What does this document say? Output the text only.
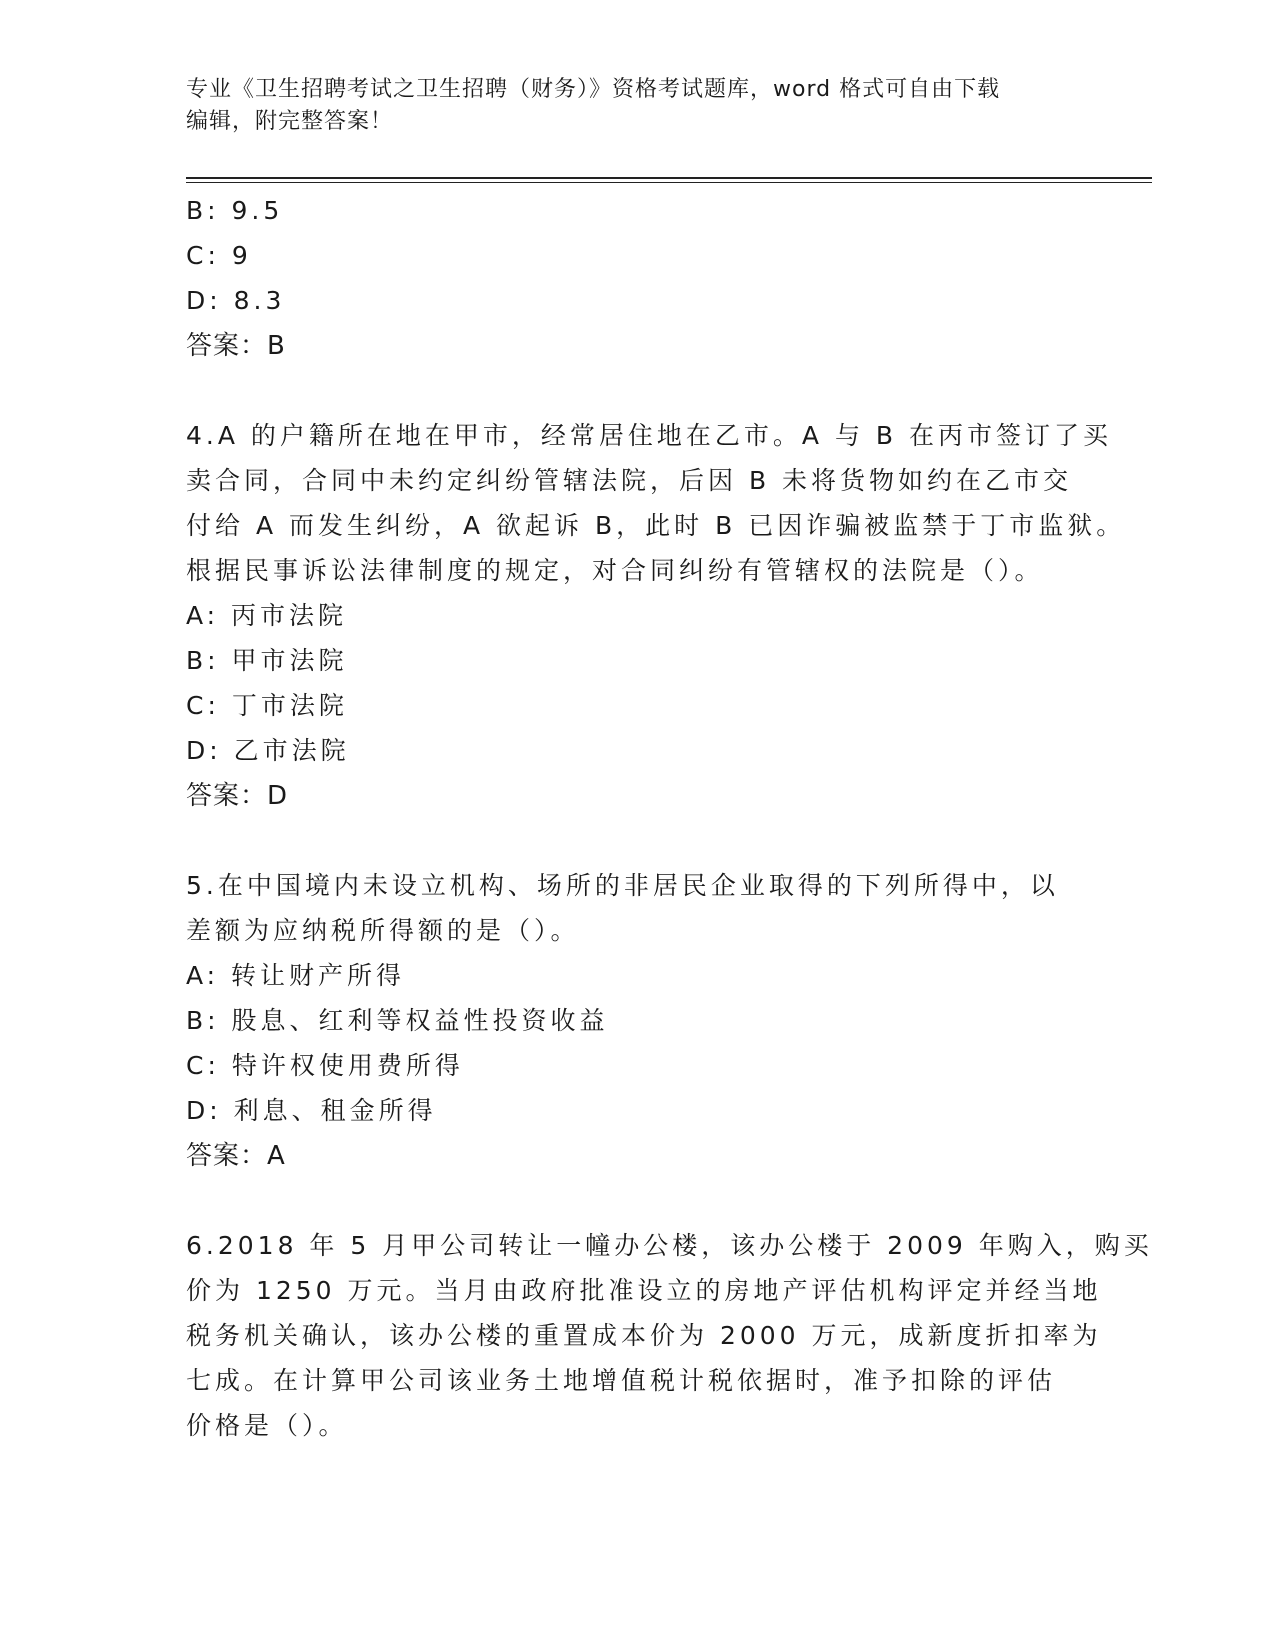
专业《卫生招聘考试之卫生招聘（财务）》资格考试题库，word 格式可自由下载
编辑，附完整答案！
B: 9.5
C: 9
D: 8.3
答案：B
4.A 的户籍所在地在甲市，经常居住地在乙市。A 与 B 在丙市签订了买
卖合同，合同中未约定纠纷管辖法院，后因 B 未将货物如约在乙市交
付给 A 而发生纠纷，A 欲起诉 B，此时 B 已因诈骗被监禁于丁市监狱。
根据民事诉讼法律制度的规定，对合同纠纷有管辖权的法院是（）。
A: 丙市法院
B: 甲市法院
C: 丁市法院
D: 乙市法院
答案：D
5.在中国境内未设立机构、场所的非居民企业取得的下列所得中，以
差额为应纳税所得额的是（）。
A: 转让财产所得
B: 股息、红利等权益性投资收益
C: 特许权使用费所得
D: 利息、租金所得
答案：A
6.2018 年 5 月甲公司转让一幢办公楼，该办公楼于 2009 年购入，购买
价为 1250 万元。当月由政府批准设立的房地产评估机构评定并经当地
税务机关确认，该办公楼的重置成本价为 2000 万元，成新度折扣率为
七成。在计算甲公司该业务土地增值税计税依据时，准予扣除的评估
价格是（）。
